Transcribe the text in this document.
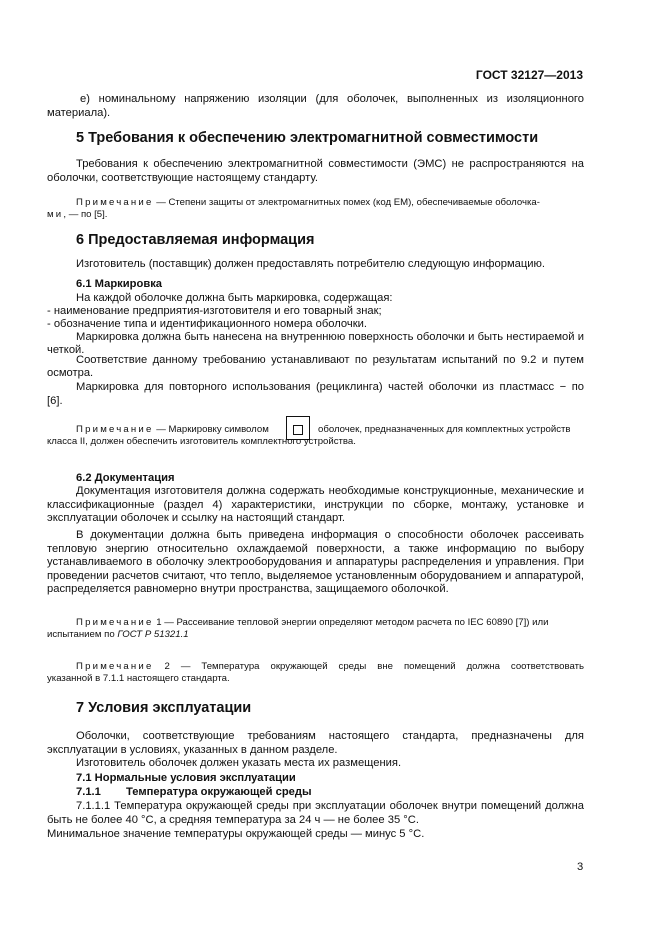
ГОСТ 32127—2013
е) номинальному напряжению изоляции (для оболочек, выполненных из изоляционного
материала).
5 Требования к обеспечению электромагнитной совместимости
Требования к обеспечению электромагнитной совместимости (ЭМС) не распространяются на оболочки, соответствующие настоящему стандарту.
Примечание — Степени защиты от электромагнитных помех (код ЕМ), обеспечиваемые оболочка-
ми, — по [5].
6 Предоставляемая информация
Изготовитель (поставщик) должен предоставлять потребителю следующую информацию.
6.1 Маркировка
На каждой оболочке должна быть маркировка, содержащая:
- наименование предприятия-изготовителя и его товарный знак;
- обозначение типа и идентификационного номера оболочки.
Маркировка должна быть нанесена на внутреннюю поверхность оболочки и быть нестираемой и
четкой.
Соответствие данному требованию устанавливают по результатам испытаний по 9.2 и путем
осмотра.
Маркировка для повторного использования (рециклинга) частей оболочки из пластмасс − по
[6].
Примечание — Маркировку символом	оболочек, предназначенных для комплектных устройств
класса II, должен обеспечить изготовитель комплектного устройства.
6.2 Документация
Документация изготовителя должна содержать необходимые конструкционные, механические и классификационные (раздел 4) характеристики, инструкции по сборке, монтажу, установке и эксплуатации оболочек и ссылку на настоящий стандарт.
В документации должна быть приведена информация о способности оболочек рассеивать тепловую энергию относительно охлаждаемой поверхности, а также информацию по выбору устанавливаемого в оболочку электрооборудования и аппаратуры распределения и управления. При проведении расчетов считают, что тепло, выделяемое установленным оборудованием и аппаратурой, распределяется равномерно внутри пространства, защищаемого оболочкой.
Примечание 1 — Рассеивание тепловой энергии определяют методом расчета по IEC 60890 [7]) или
испытанием по ГОСТ Р 51321.1
Примечание 2 — Температура окружающей среды вне помещений должна соответствовать
указанной в 7.1.1 настоящего стандарта.
7 Условия эксплуатации
Оболочки, соответствующие требованиям настоящего стандарта, предназначены для эксплуатации в условиях, указанных в данном разделе.
Изготовитель оболочек должен указать места их размещения.
7.1 Нормальные условия эксплуатации
7.1.1 Температура окружающей среды
7.1.1.1 Температура окружающей среды при эксплуатации оболочек внутри помещений должна
быть не более 40 °С, а средняя температура за 24 ч — не более 35 °С.
Минимальное значение температуры окружающей среды — минус 5 °С.
3
